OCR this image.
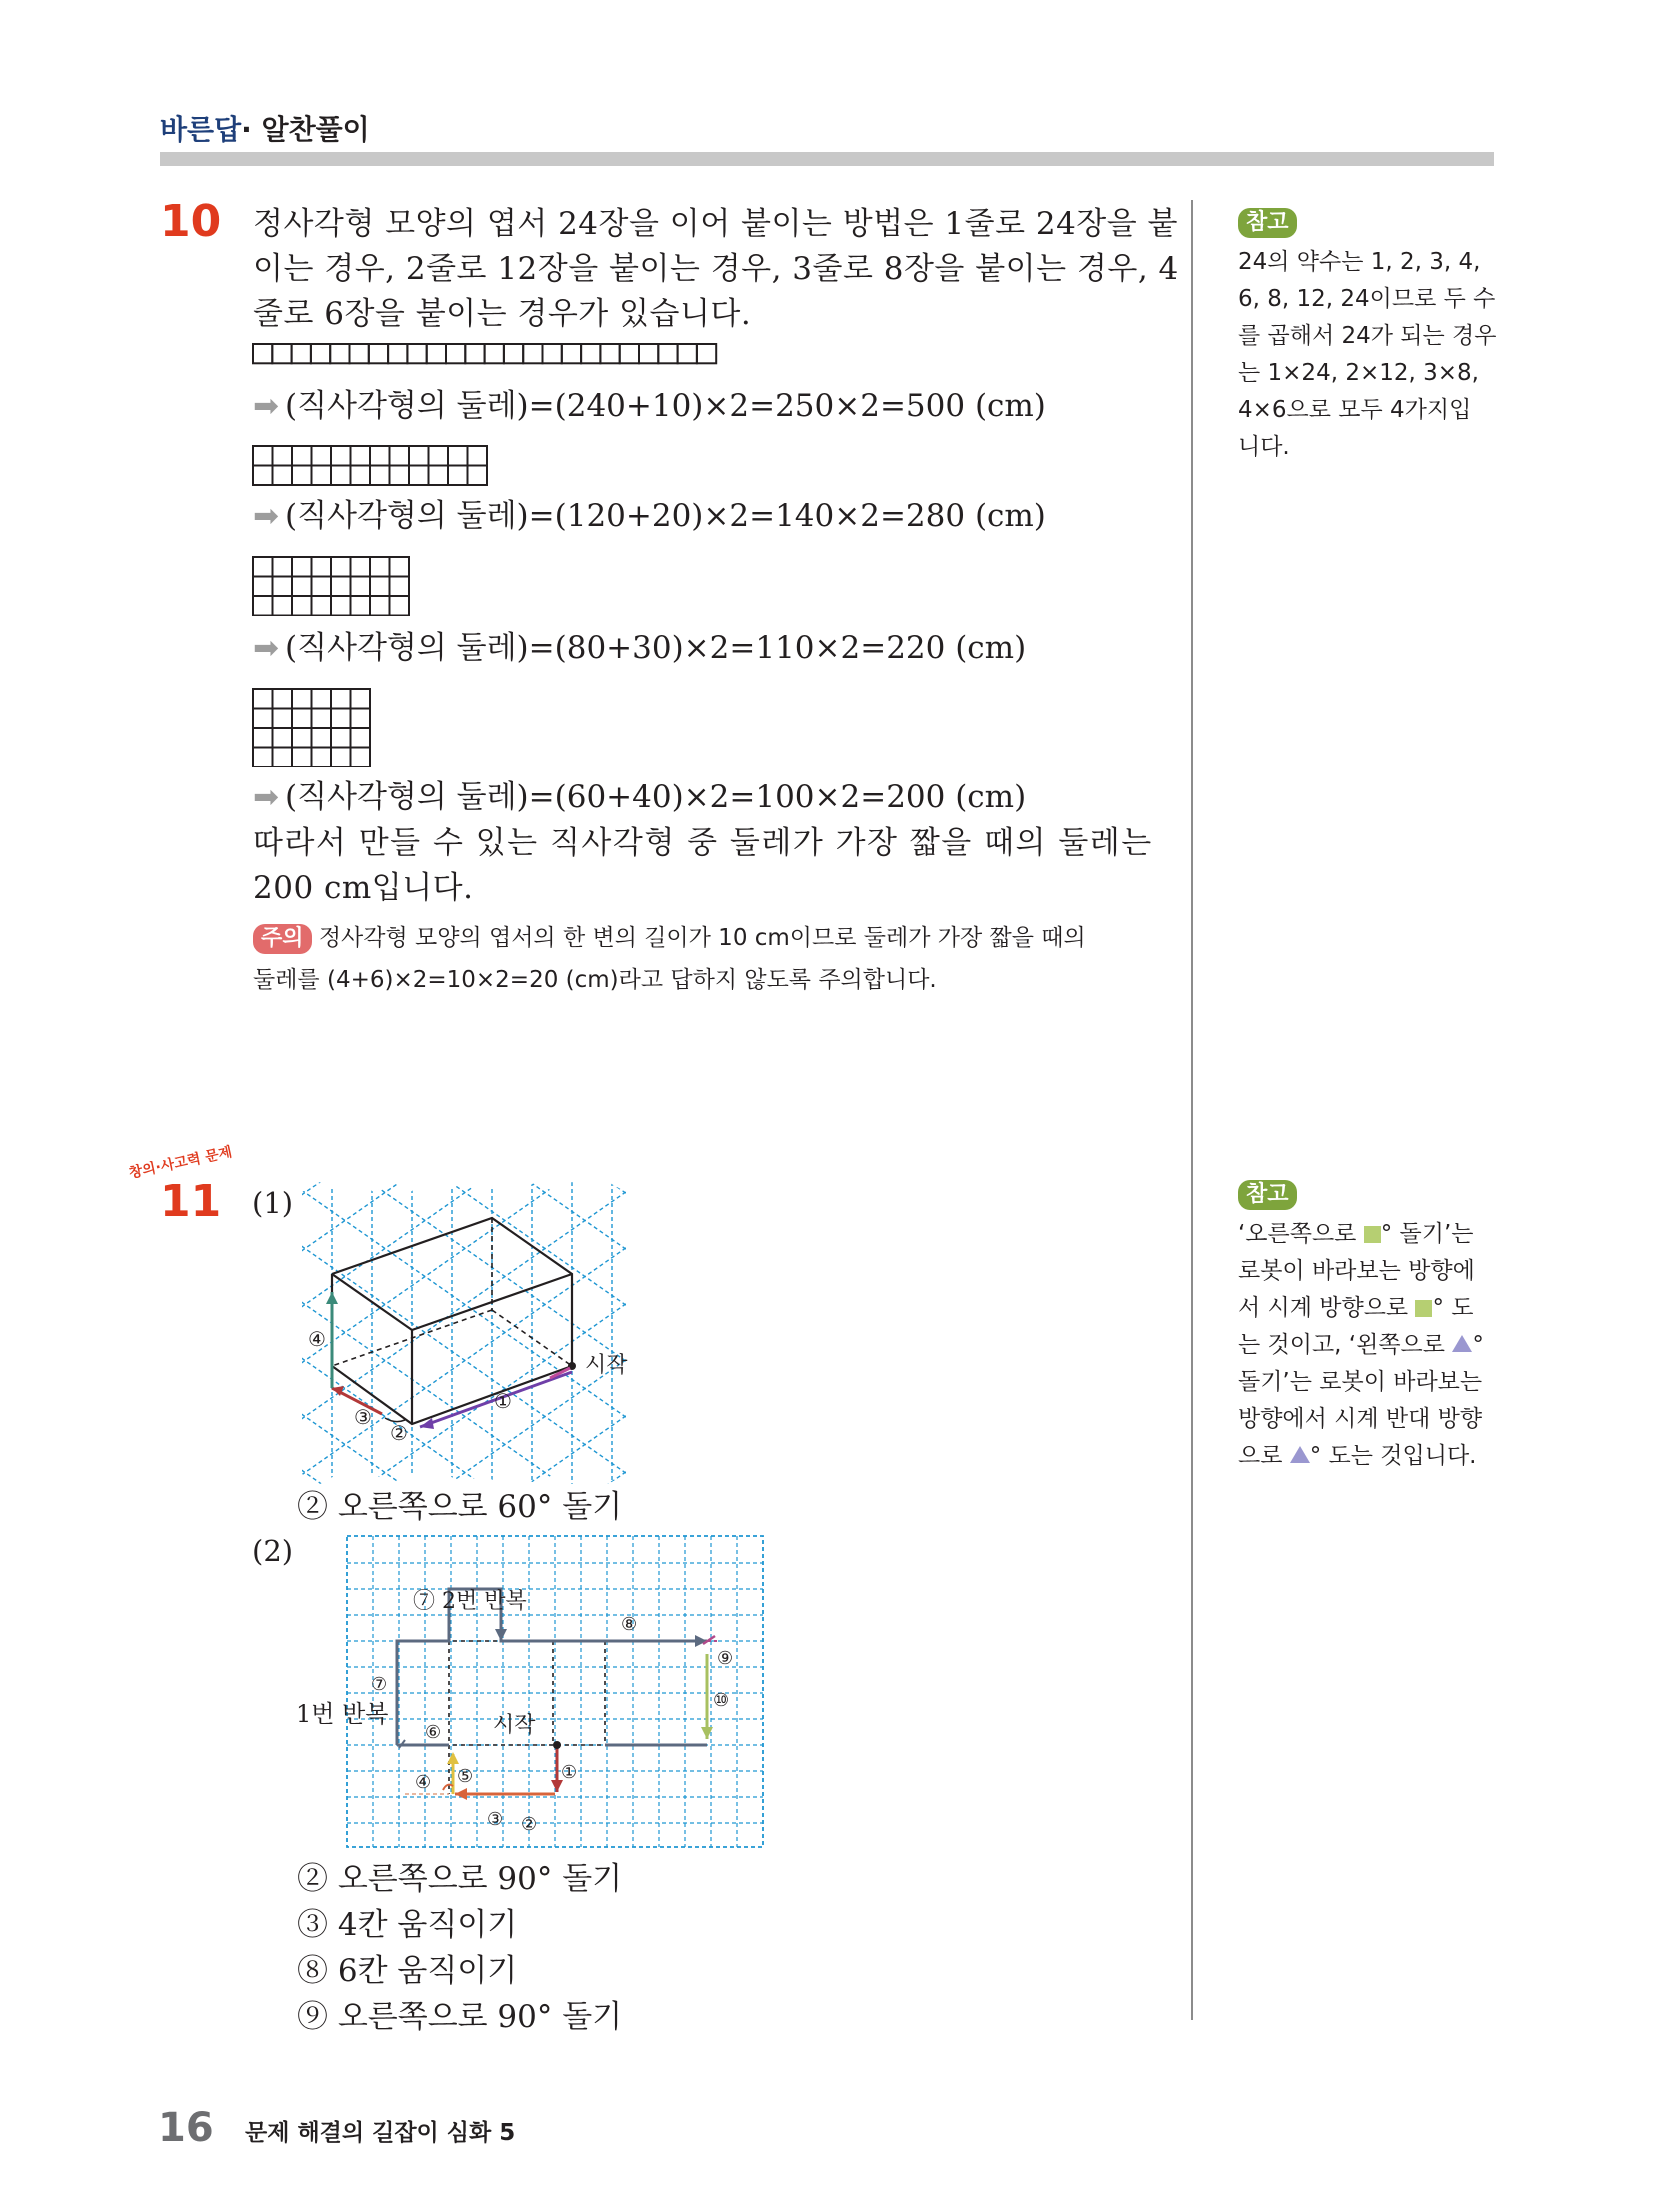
바른답· 알찬풀이
10 정사각형 모양의 엽서 24장을 이어 붙이는 방법은 1줄로 24장을 붙
이는 경우, 2줄로 12장을 붙이는 경우, 3줄로 8장을 붙이는 경우, 4
줄로 6장을 붙이는 경우가 있습니다.
➡ (직사각형의 둘레)=(240+10)×2=250×2=500 (cm)
➡ (직사각형의 둘레)=(120+20)×2=140×2=280 (cm)
➡ (직사각형의 둘레)=(80+30)×2=110×2=220 (cm)
➡ (직사각형의 둘레)=(60+40)×2=100×2=200 (cm)
따라서 만들 수 있는 직사각형 중 둘레가 가장 짧을 때의 둘레는
200 cm입니다.
주의 정사각형 모양의 엽서의 한 변의 길이가 10 cm이므로 둘레가 가장 짧을 때의
둘레를 (4+6)×2=10×2=20 (cm)라고 답하지 않도록 주의합니다.
참고
24의 약수는 1, 2, 3, 4,
6, 8, 12, 24이므로 두 수
를 곱해서 24가 되는 경우
는 1×24, 2×12, 3×8,
4×6으로 모두 4가지입
니다.
창의·사고력 문제
11 (1)
시작
①
②
③
④
② 오른쪽으로 60° 돌기
(2)
⑦ 2번 반복
시작
①
②
③
④ ⑤
⑥
⑦
⑧
⑨
⑩
1번 반복
② 오른쪽으로 90° 돌기
③ 4칸 움직이기
⑧ 6칸 움직이기
⑨ 오른쪽으로 90° 돌기
참고
‘오른쪽으로 ° 돌기’는
로봇이 바라보는 방향에
서 시계 방향으로 ° 도
는 것이고, ‘왼쪽으로 °
돌기’는 로봇이 바라보는
방향에서 시계 반대 방향
으로 ° 도는 것입니다.
16 문제 해결의 길잡이 심화 5
